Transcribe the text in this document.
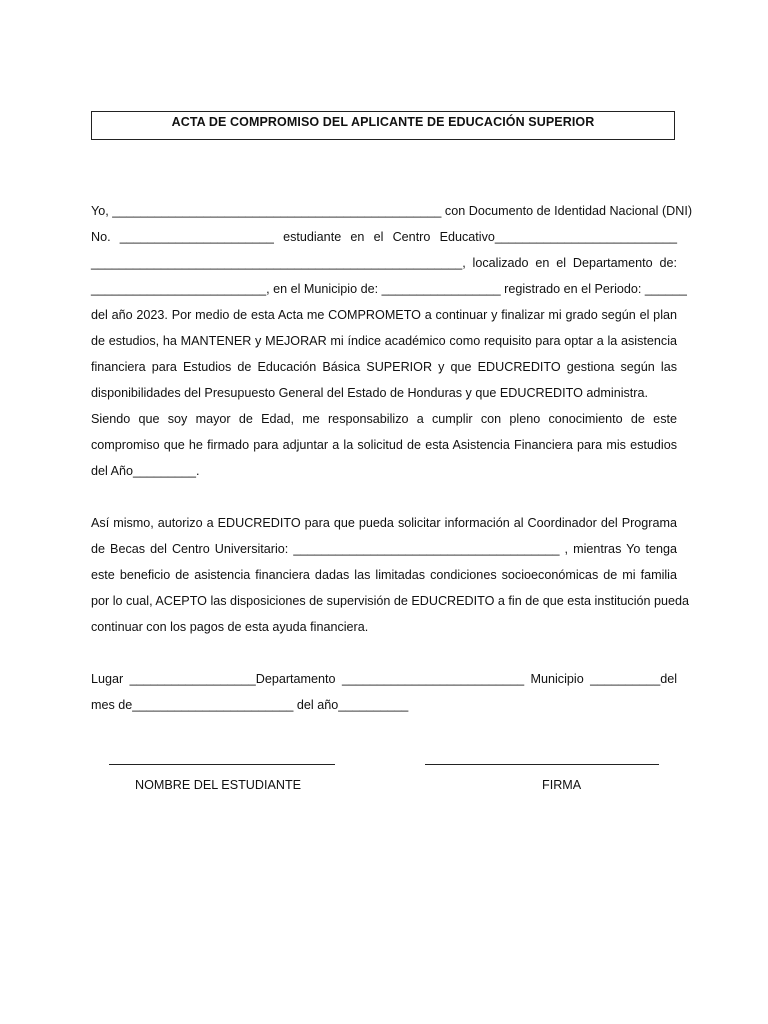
ACTA DE COMPROMISO DEL APLICANTE DE EDUCACIÓN SUPERIOR
Yo, _______________________________________________ con Documento de Identidad Nacional (DNI)
No. ______________________ estudiante en el Centro Educativo__________________________
_____________________________________________________, localizado en el Departamento de:
_________________________, en el Municipio de: _________________ registrado en el Periodo: ______
del año 2023. Por medio de esta Acta me COMPROMETO a continuar y finalizar mi grado según el plan
de estudios, ha MANTENER y MEJORAR mi índice académico como requisito para optar a la asistencia
financiera para Estudios de Educación Básica SUPERIOR y que EDUCREDITO gestiona según las
disponibilidades del Presupuesto General del Estado de Honduras y que EDUCREDITO administra.
Siendo que soy mayor de Edad, me responsabilizo a cumplir con pleno conocimiento de este
compromiso que he firmado para adjuntar a la solicitud de esta Asistencia Financiera para mis estudios
del Año_________.
Así mismo, autorizo a EDUCREDITO para que pueda solicitar información al Coordinador del Programa
de Becas del Centro Universitario: ______________________________________ , mientras Yo tenga
este beneficio de asistencia financiera dadas las limitadas condiciones socioeconómicas de mi familia
por lo cual, ACEPTO las disposiciones de supervisión de EDUCREDITO a fin de que esta institución pueda
continuar con los pagos de esta ayuda financiera.
Lugar __________________Departamento __________________________ Municipio __________del
mes de_______________________ del año__________
NOMBRE DEL ESTUDIANTE	FIRMA
